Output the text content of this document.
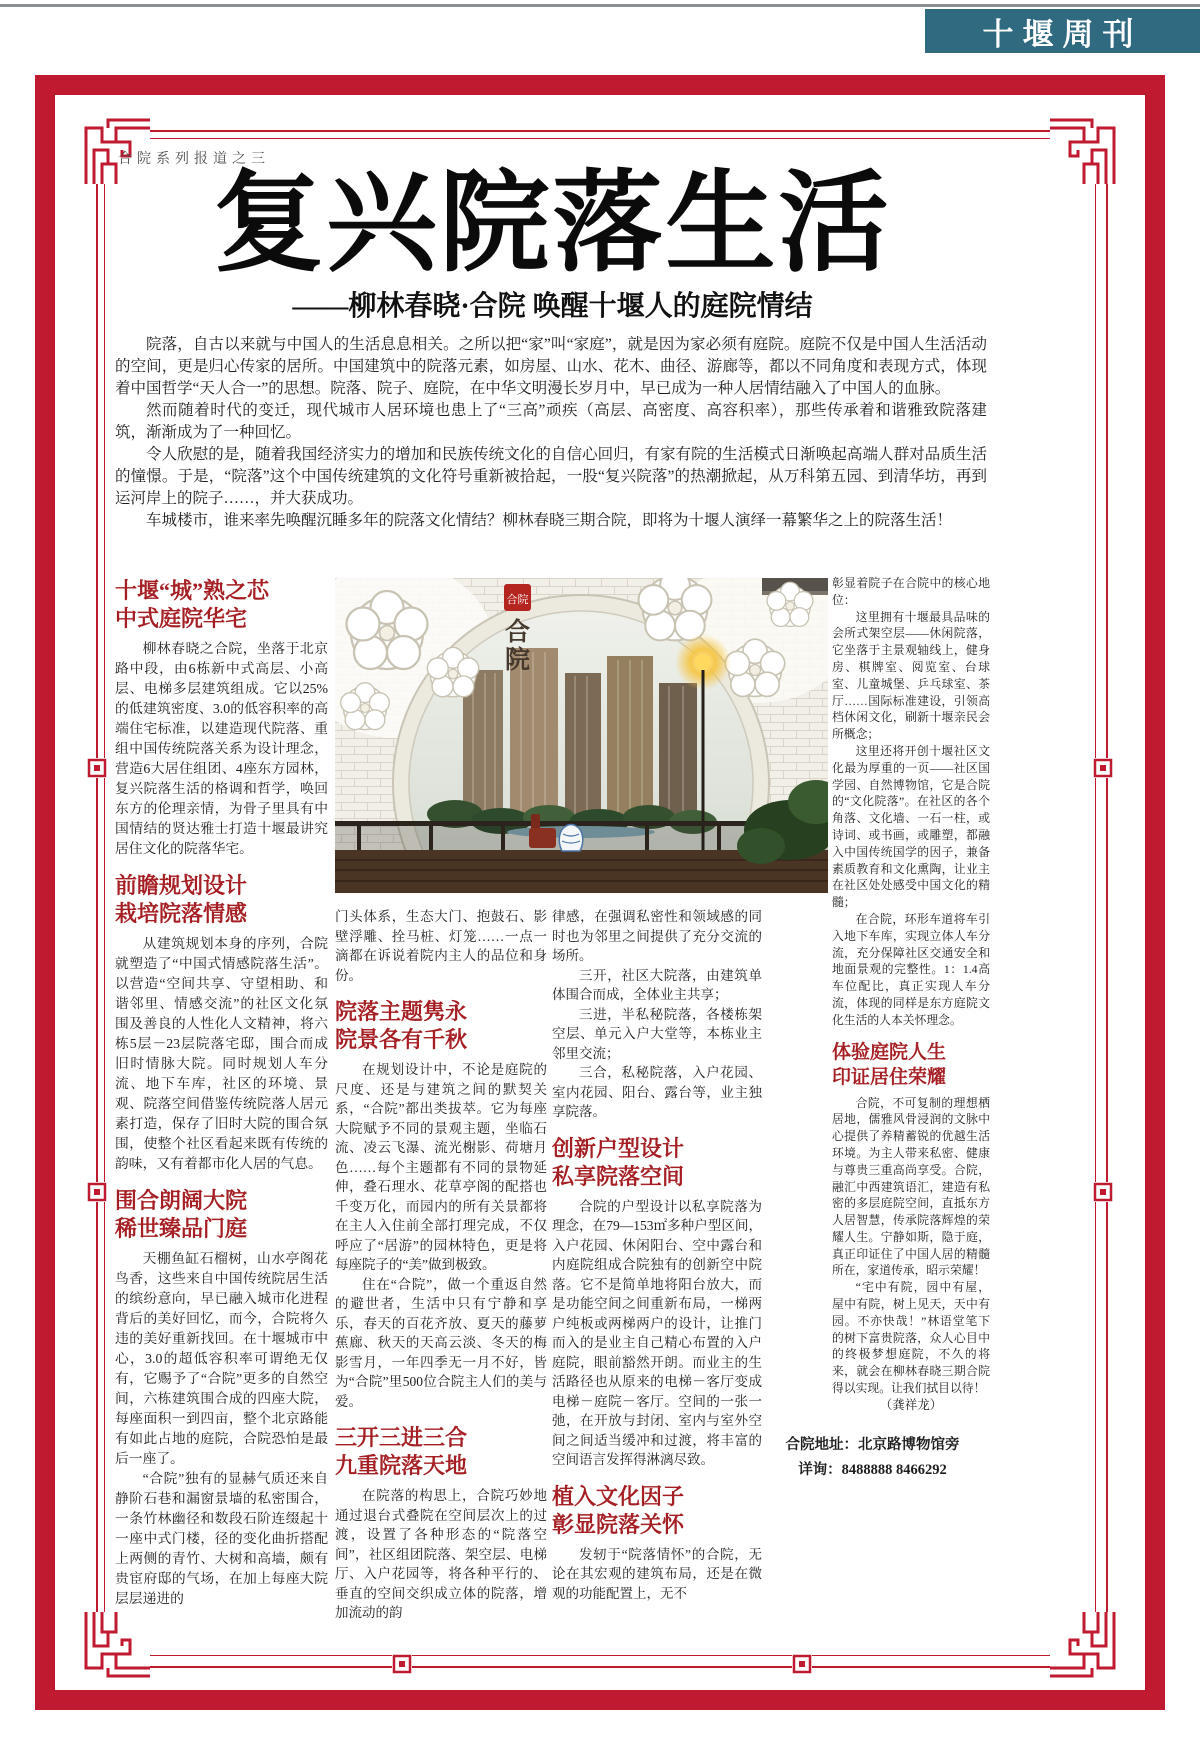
十堰周刊
合院系列报道之三
复兴院落生活
——柳林春晓·合院 唤醒十堰人的庭院情结

院落，自古以来就与中国人的生活息息相关。之所以把“家”叫“家庭”，就是因为家必须有庭院。庭院不仅是中国人生活活动的空间，更是归心传家的居所。中国建筑中的院落元素，如房屋、山水、花木、曲径、游廊等，都以不同角度和表现方式，体现着中国哲学“天人合一”的思想。院落、院子、庭院，在中华文明漫长岁月中，早已成为一种人居情结融入了中国人的血脉。

然而随着时代的变迁，现代城市人居环境也患上了“三高”顽疾（高层、高密度、高容积率），那些传承着和谐雅致院落建筑，渐渐成为了一种回忆。

令人欣慰的是，随着我国经济实力的增加和民族传统文化的自信心回归，有家有院的生活模式日渐唤起高端人群对品质生活的憧憬。于是，“院落”这个中国传统建筑的文化符号重新被拾起，一股“复兴院落”的热潮掀起，从万科第五园、到清华坊，再到运河岸上的院子……，并大获成功。

车城楼市，谁来率先唤醒沉睡多年的院落文化情结？柳林春晓三期合院，即将为十堰人演绎一幕繁华之上的院落生活！

十堰“城”熟之芯
中式庭院华宅

柳林春晓之合院，坐落于北京路中段，由6栋新中式高层、小高层、电梯多层建筑组成。它以25%的低建筑密度、3.0的低容积率的高端住宅标准，以建造现代院落、重组中国传统院落关系为设计理念，营造6大居住组团、4座东方园林，复兴院落生活的格调和哲学，唤回东方的伦理亲情，为骨子里具有中国情结的贤达雅士打造十堰最讲究居住文化的院落华宅。

前瞻规划设计
栽培院落情感

从建筑规划本身的序列，合院就塑造了“中国式情感院落生活”。以营造“空间共享、守望相助、和谐邻里、情感交流”的社区文化氛围及善良的人性化人文精神，将六栋5层－23层院落宅邸，围合而成旧时情脉大院。同时规划人车分流、地下车库，社区的环境、景观、院落空间借鉴传统院落人居元素打造，保存了旧时大院的围合氛围，使整个社区看起来既有传统的韵味，又有着都市化人居的气息。

围合朗阔大院
稀世臻品门庭

天棚鱼缸石榴树，山水亭阁花鸟香，这些来自中国传统院居生活的缤纷意向，早已融入城市化进程背后的美好回忆，而今，合院将久违的美好重新找回。在十堰城市中心，3.0的超低容积率可谓绝无仅有，它赐予了“合院”更多的自然空间，六栋建筑围合成的四座大院，每座面积一到四亩，整个北京路能有如此占地的庭院，合院恐怕是最后一座了。

“合院”独有的显赫气质还来自静阶石巷和漏窗景墙的私密围合，一条竹林幽径和数段石阶连缀起十一座中式门楼，径的变化曲折搭配上两侧的青竹、大树和高墙，颇有贵宦府邸的气场，在加上每座大院层层递进的

合院
合
院

门头体系，生态大门、抱鼓石、影壁浮雕、拴马桩、灯笼……一点一滴都在诉说着院内主人的品位和身份。

院落主题隽永
院景各有千秋

在规划设计中，不论是庭院的尺度、还是与建筑之间的默契关系，“合院”都出类拔萃。它为每座大院赋予不同的景观主题，坐临石流、凌云飞瀑、流光榭影、荷塘月色……每个主题都有不同的景物延伸，叠石理水、花草亭阁的配搭也千变万化，而园内的所有关景都将在主人入住前全部打理完成，不仅呼应了“居游”的园林特色，更是将每座院子的“美”做到极致。

住在“合院”，做一个重返自然的避世者，生活中只有宁静和享乐，春天的百花齐放、夏天的藤萝蕉廊、秋天的天高云淡、冬天的梅影雪月，一年四季无一月不好，皆为“合院”里500位合院主人们的美与爱。

三开三进三合
九重院落天地

在院落的构思上，合院巧妙地通过退台式叠院在空间层次上的过渡，设置了各种形态的“院落空间”，社区组团院落、架空层、电梯厅、入户花园等，将各种平行的、垂直的空间交织成立体的院落，增加流动的韵

律感，在强调私密性和领域感的同时也为邻里之间提供了充分交流的场所。

三开，社区大院落，由建筑单体围合而成，全体业主共享；

三进，半私秘院落，各楼栋架空层、单元入户大堂等，本栋业主邻里交流；

三合，私秘院落，入户花园、室内花园、阳台、露台等，业主独享院落。

创新户型设计
私享院落空间

合院的户型设计以私享院落为理念，在79—153㎡多种户型区间，入户花园、休闲阳台、空中露台和内庭院组成合院独有的创新空中院落。它不是简单地将阳台放大，而是功能空间之间重新布局，一梯两户纯板或两梯两户的设计，让推门而入的是业主自己精心布置的入户庭院，眼前豁然开朗。而业主的生活路径也从原来的电梯－客厅变成电梯－庭院－客厅。空间的一张一弛，在开放与封闭、室内与室外空间之间适当缓冲和过渡，将丰富的空间语言发挥得淋漓尽致。

植入文化因子
彰显院落关怀

发轫于“院落情怀”的合院，无论在其宏观的建筑布局，还是在微观的功能配置上，无不

彰显着院子在合院中的核心地位：

这里拥有十堰最具品味的会所式架空层——休闲院落，它坐落于主景观轴线上，健身房、棋牌室、阅览室、台球室、儿童城堡、乒乓球室、茶厅……国际标准建设，引领高档休闲文化，刷新十堰亲民会所概念；

这里还将开创十堰社区文化最为厚重的一页——社区国学园、自然博物馆，它是合院的“文化院落”。在社区的各个角落、文化墙、一石一柱，或诗词、或书画，或雕塑，都融入中国传统国学的因子，兼备素质教育和文化熏陶，让业主在社区处处感受中国文化的精髓；

在合院，环形车道将车引入地下车库，实现立体人车分流，充分保障社区交通安全和地面景观的完整性。1：1.4高车位配比，真正实现人车分流，体现的同样是东方庭院文化生活的人本关怀理念。

体验庭院人生
印证居住荣耀

合院，不可复制的理想栖居地，儒雅风骨浸润的文脉中心提供了养精蓄锐的优越生活环境。为主人带来私密、健康与尊贵三重高尚享受。合院，融汇中西建筑语汇，建造有私密的多层庭院空间，直抵东方人居智慧，传承院落辉煌的荣耀人生。宁静如斯，隐于庭，真正印证住了中国人居的精髓所在，家道传承，昭示荣耀！

“宅中有院，园中有屋，屋中有院，树上见天，天中有园。不亦快哉！”林语堂笔下的树下富贵院落，众人心目中的终极梦想庭院，不久的将来，就会在柳林春晓三期合院得以实现。让我们拭目以待！

（龚祥龙）

合院地址：北京路博物馆旁
详询：8488888 8466292
